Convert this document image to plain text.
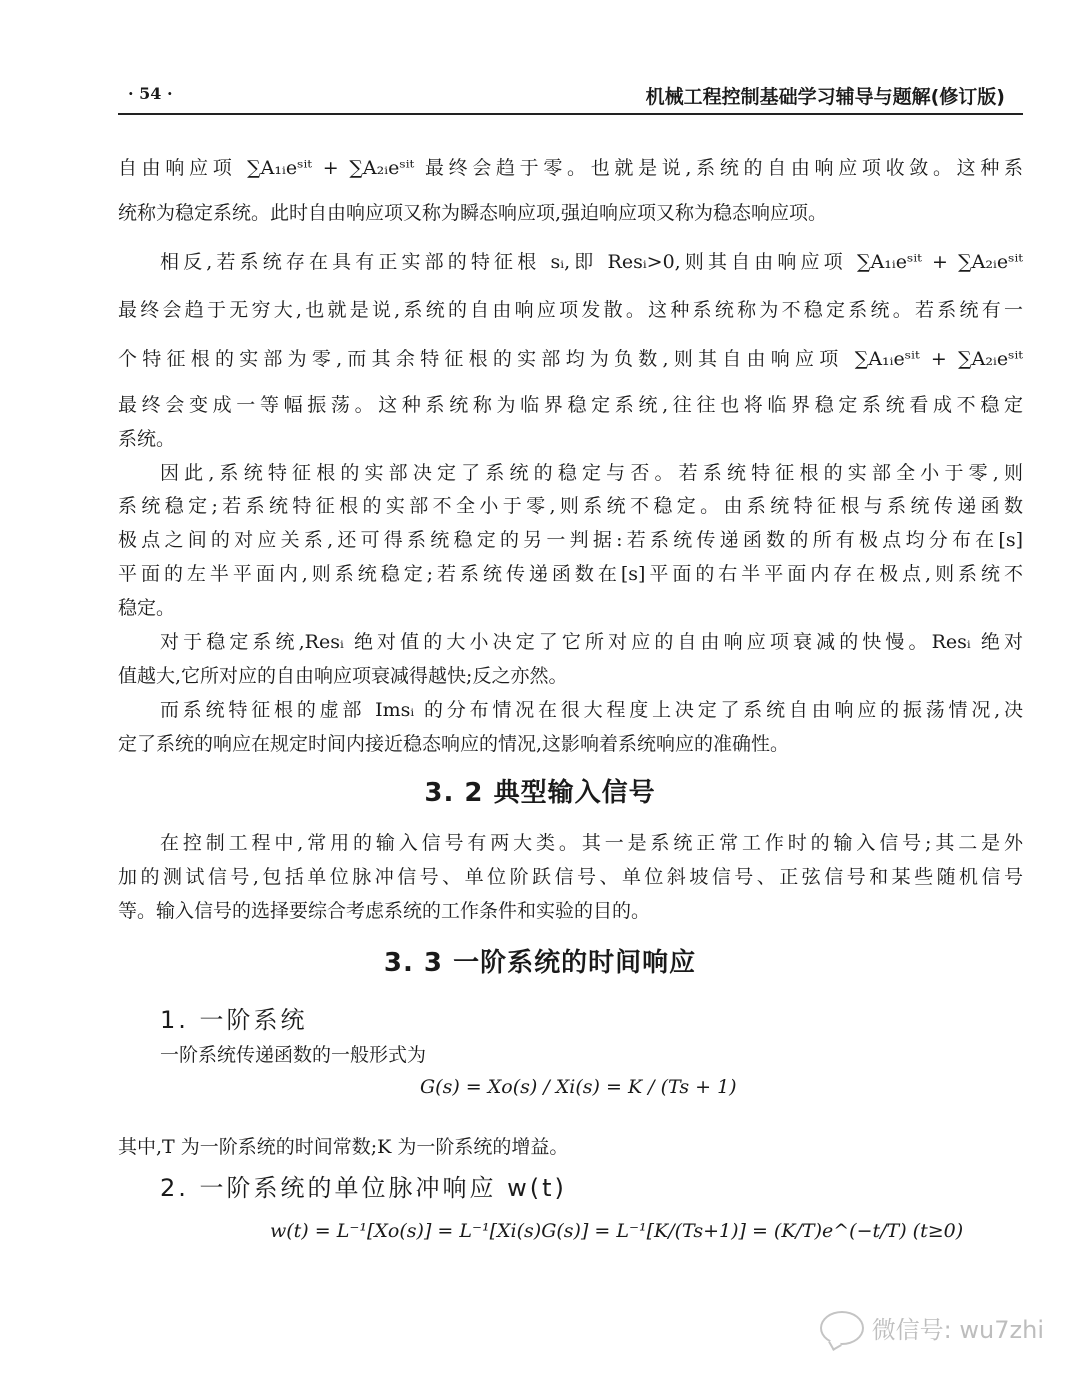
· 54 ·	机械工程控制基础学习辅导与题解(修订版)
自由响应项 ∑A₁ᵢeˢⁱᵗ + ∑A₂ᵢeˢⁱᵗ 最终会趋于零。也就是说,系统的自由响应项收敛。这种系
统称为稳定系统。此时自由响应项又称为瞬态响应项,强迫响应项又称为稳态响应项。
相反,若系统存在具有正实部的特征根 sᵢ,即 Resᵢ>0,则其自由响应项 ∑A₁ᵢeˢⁱᵗ + ∑A₂ᵢeˢⁱᵗ
最终会趋于无穷大,也就是说,系统的自由响应项发散。这种系统称为不稳定系统。若系统有一
个特征根的实部为零,而其余特征根的实部均为负数,则其自由响应项 ∑A₁ᵢeˢⁱᵗ + ∑A₂ᵢeˢⁱᵗ
最终会变成一等幅振荡。这种系统称为临界稳定系统,往往也将临界稳定系统看成不稳定
系统。
因此,系统特征根的实部决定了系统的稳定与否。若系统特征根的实部全小于零,则
系统稳定;若系统特征根的实部不全小于零,则系统不稳定。由系统特征根与系统传递函数
极点之间的对应关系,还可得系统稳定的另一判据:若系统传递函数的所有极点均分布在[s]
平面的左半平面内,则系统稳定;若系统传递函数在[s]平面的右半平面内存在极点,则系统不
稳定。
对于稳定系统,Resᵢ 绝对值的大小决定了它所对应的自由响应项衰减的快慢。Resᵢ 绝对
值越大,它所对应的自由响应项衰减得越快;反之亦然。
而系统特征根的虚部 Imsᵢ 的分布情况在很大程度上决定了系统自由响应的振荡情况,决
定了系统的响应在规定时间内接近稳态响应的情况,这影响着系统响应的准确性。
3. 2 典型输入信号
在控制工程中,常用的输入信号有两大类。其一是系统正常工作时的输入信号;其二是外
加的测试信号,包括单位脉冲信号、单位阶跃信号、单位斜坡信号、正弦信号和某些随机信号
等。输入信号的选择要综合考虑系统的工作条件和实验的目的。
3. 3 一阶系统的时间响应
1. 一阶系统
一阶系统传递函数的一般形式为
G(s) = Xo(s) / Xi(s) = K / (Ts + 1)
其中,T 为一阶系统的时间常数;K 为一阶系统的增益。
2. 一阶系统的单位脉冲响应 w(t)
w(t) = L⁻¹[Xo(s)] = L⁻¹[Xi(s)G(s)] = L⁻¹[K/(Ts+1)] = (K/T)e^(−t/T) (t≥0)
微信号: wu7zhi
